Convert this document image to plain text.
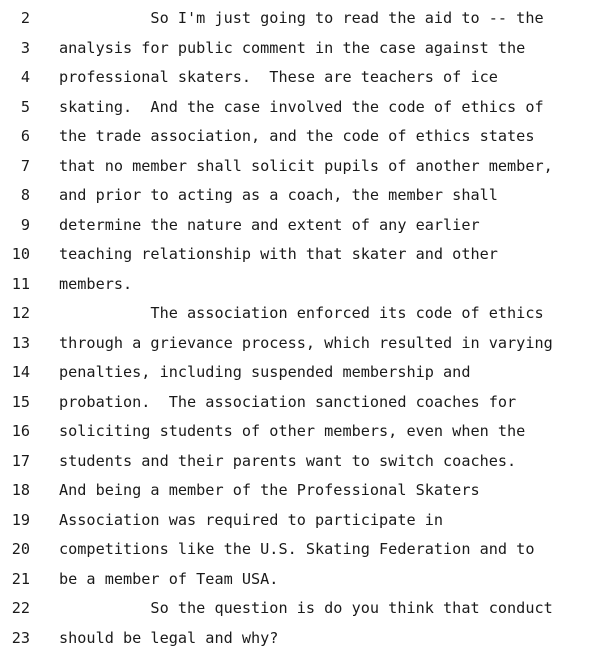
2 So I'm just going to read the aid to -- the
3 analysis for public comment in the case against the
4 professional skaters.  These are teachers of ice
5 skating.  And the case involved the code of ethics of
6 the trade association, and the code of ethics states
7 that no member shall solicit pupils of another member,
8 and prior to acting as a coach, the member shall
9 determine the nature and extent of any earlier
10 teaching relationship with that skater and other
11 members.
12 The association enforced its code of ethics
13 through a grievance process, which resulted in varying
14 penalties, including suspended membership and
15 probation.  The association sanctioned coaches for
16 soliciting students of other members, even when the
17 students and their parents want to switch coaches.
18 And being a member of the Professional Skaters
19 Association was required to participate in
20 competitions like the U.S. Skating Federation and to
21 be a member of Team USA.
22 So the question is do you think that conduct
23 should be legal and why?
